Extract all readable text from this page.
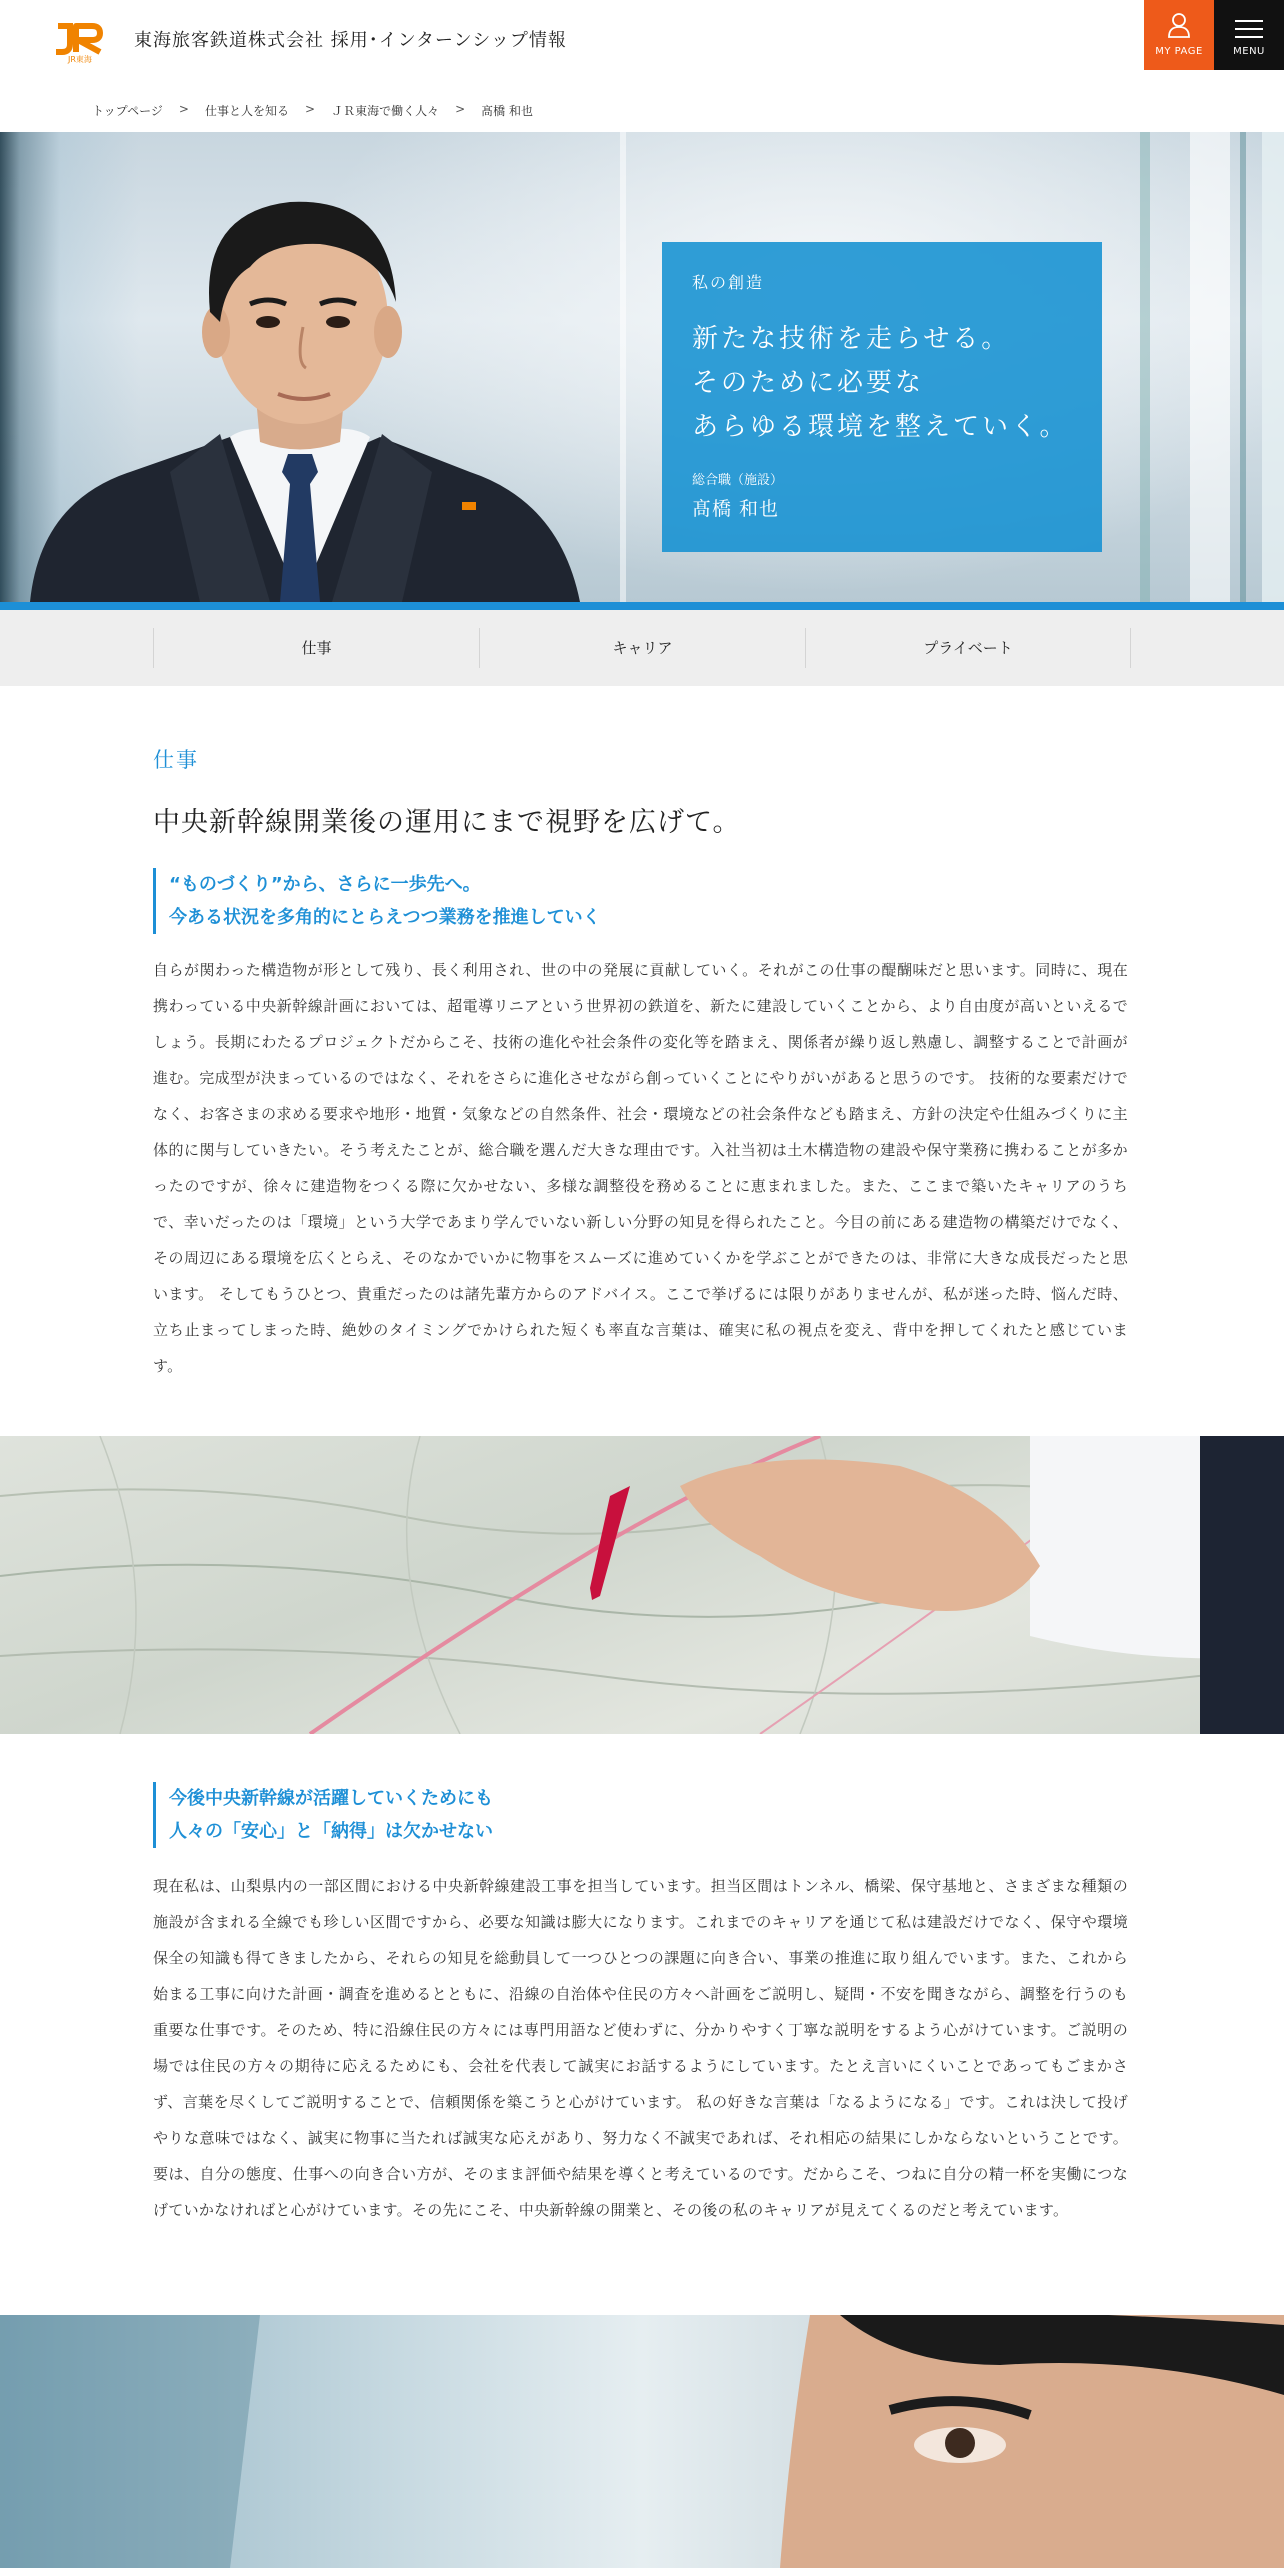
JR東海
東海旅客鉄道株式会社 採用･インターンシップ情報
MY PAGE	MENU
トップページ > 仕事と人を知る > ＪＲ東海で働く人々 > 髙橋 和也
私の創造
新たな技術を走らせる。
そのために必要な
あらゆる環境を整えていく。
総合職（施設）
髙橋 和也
仕事	キャリア	プライベート
仕事
中央新幹線開業後の運用にまで視野を広げて。
“ものづくり”から、さらに一歩先へ。
今ある状況を多角的にとらえつつ業務を推進していく
自らが関わった構造物が形として残り、長く利用され、世の中の発展に貢献していく。それがこの仕事の醍醐味だと思います。同時に、現在携わっている中央新幹線計画においては、超電導リニアという世界初の鉄道を、新たに建設していくことから、より自由度が高いといえるでしょう。長期にわたるプロジェクトだからこそ、技術の進化や社会条件の変化等を踏まえ、関係者が繰り返し熟慮し、調整することで計画が進む。完成型が決まっているのではなく、それをさらに進化させながら創っていくことにやりがいがあると思うのです。 技術的な要素だけでなく、お客さまの求める要求や地形・地質・気象などの自然条件、社会・環境などの社会条件なども踏まえ、方針の決定や仕組みづくりに主体的に関与していきたい。そう考えたことが、総合職を選んだ大きな理由です。入社当初は土木構造物の建設や保守業務に携わることが多かったのですが、徐々に建造物をつくる際に欠かせない、多様な調整役を務めることに恵まれました。また、ここまで築いたキャリアのうちで、幸いだったのは「環境」という大学であまり学んでいない新しい分野の知見を得られたこと。今目の前にある建造物の構築だけでなく、その周辺にある環境を広くとらえ、そのなかでいかに物事をスムーズに進めていくかを学ぶことができたのは、非常に大きな成長だったと思います。 そしてもうひとつ、貴重だったのは諸先輩方からのアドバイス。ここで挙げるには限りがありませんが、私が迷った時、悩んだ時、立ち止まってしまった時、絶妙のタイミングでかけられた短くも率直な言葉は、確実に私の視点を変え、背中を押してくれたと感じています。
今後中央新幹線が活躍していくためにも
人々の「安心」と「納得」は欠かせない
現在私は、山梨県内の一部区間における中央新幹線建設工事を担当しています。担当区間はトンネル、橋梁、保守基地と、さまざまな種類の施設が含まれる全線でも珍しい区間ですから、必要な知識は膨大になります。これまでのキャリアを通じて私は建設だけでなく、保守や環境保全の知識も得てきましたから、それらの知見を総動員して一つひとつの課題に向き合い、事業の推進に取り組んでいます。また、これから始まる工事に向けた計画・調査を進めるとともに、沿線の自治体や住民の方々へ計画をご説明し、疑問・不安を聞きながら、調整を行うのも重要な仕事です。そのため、特に沿線住民の方々には専門用語など使わずに、分かりやすく丁寧な説明をするよう心がけています。ご説明の場では住民の方々の期待に応えるためにも、会社を代表して誠実にお話するようにしています。たとえ言いにくいことであってもごまかさず、言葉を尽くしてご説明することで、信頼関係を築こうと心がけています。 私の好きな言葉は「なるようになる」です。これは決して投げやりな意味ではなく、誠実に物事に当たれば誠実な応えがあり、努力なく不誠実であれば、それ相応の結果にしかならないということです。要は、自分の態度、仕事への向き合い方が、そのまま評価や結果を導くと考えているのです。だからこそ、つねに自分の精一杯を実働につなげていかなければと心がけています。その先にこそ、中央新幹線の開業と、その後の私のキャリアが見えてくるのだと考えています。
